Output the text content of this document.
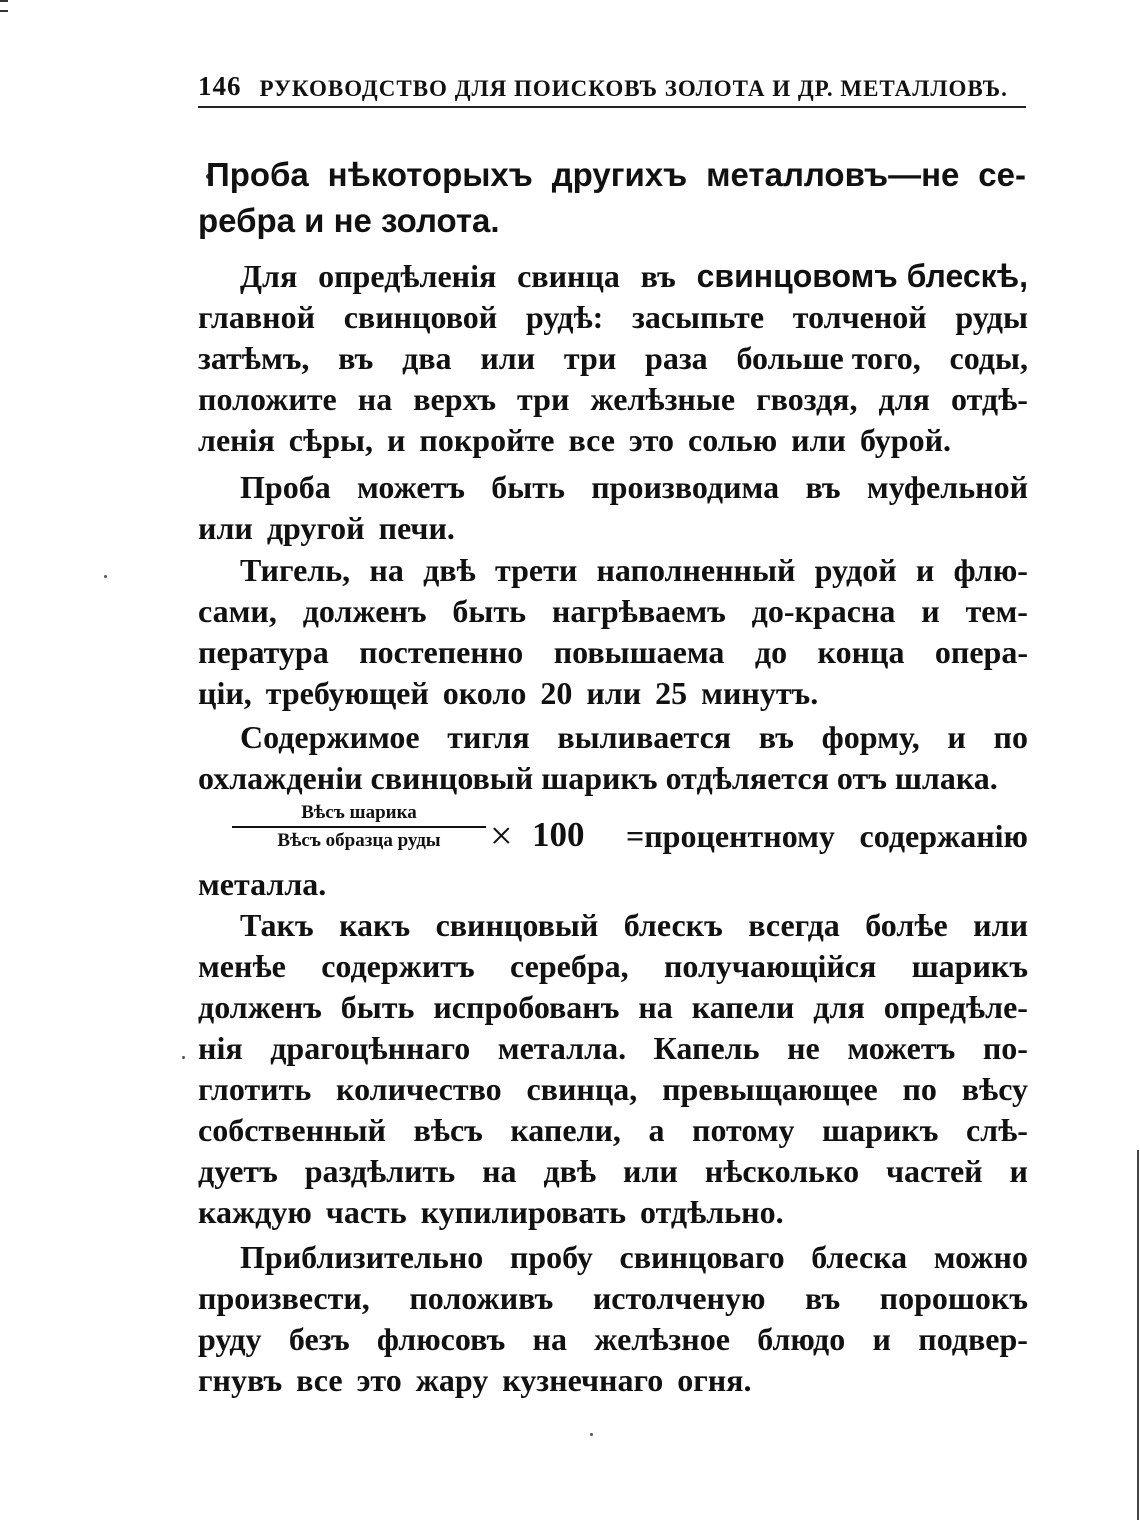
146 РУКОВОДСТВО ДЛЯ ПОИСКОВЪ ЗОЛОТА И ДР. МЕТАЛЛОВЪ.
Проба нѣкоторыхъ другихъ металловъ—не се-
ребра и не золота.
Для опредѣленія свинца въ свинцовомъ блескѣ,
главной свинцовой рудѣ: засыпьте толченой руды
затѣмъ, въ два или три раза больше того, соды,
положите на верхъ три желѣзные гвоздя, для отдѣ-
ленія сѣры, и покройте все это солью или бурой.
Проба можетъ быть производима въ муфельной
или другой печи.
Тигель, на двѣ трети наполненный рудой и флю-
сами, долженъ быть нагрѣваемъ до-красна и тем-
пература постепенно повышаема до конца опера-
ціи, требующей около 20 или 25 минутъ.
Содержимое тигля выливается въ форму, и по
охлажденіи свинцовый шарикъ отдѣляется отъ шлака.
Вѣсъ шарика
Вѣсъ образца руды	× 100 =процентному содержанію
металла.
Такъ какъ свинцовый блескъ всегда болѣе или
менѣе содержитъ серебра, получающійся шарикъ
долженъ быть испробованъ на капели для опредѣле-
нія драгоцѣннаго металла. Капель не можетъ по-
глотить количество свинца, превыщающее по вѣсу
собственный вѣсъ капели, а потому шарикъ слѣ-
дуетъ раздѣлить на двѣ или нѣсколько частей и
каждую часть купилировать отдѣльно.
Приблизительно пробу свинцоваго блеска можно
произвести, положивъ истолченую въ порошокъ
руду безъ флюсовъ на желѣзное блюдо и подвер-
гнувъ все это жару кузнечнаго огня.
